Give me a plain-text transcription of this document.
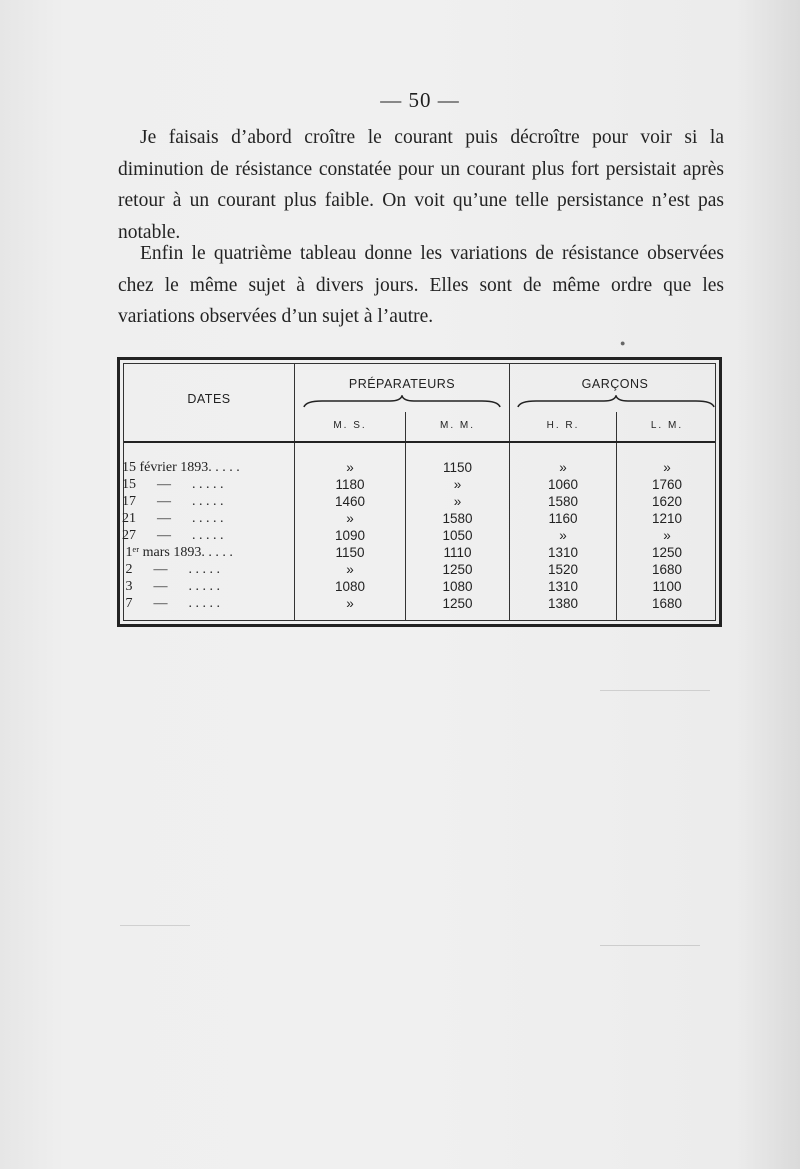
— 50 —
Je faisais d’abord croître le courant puis décroître pour voir si la diminution de résistance constatée pour un courant plus fort persistait après retour à un courant plus faible. On voit qu’une telle persistance n’est pas notable.
Enfin le quatrième tableau donne les variations de résistance observées chez le même sujet à divers jours. Elles sont de même ordre que les variations observées d’un sujet à l’autre.
●
DATES
PRÉPARATEURS	GARÇONS
M. S.	M. M.	H. R.	L. M.
15 février 1893. . . . .	»	1150	»	»
15      —      . . . . .	1180	»	1060	1760
17      —      . . . . .	1460	»	1580	1620
21      —      . . . . .	»	1580	1160	1210
27      —      . . . . .	1090	1050	»	»
1ᵉʳ mars 1893. . . . .	1150	1110	1310	1250
2      —      . . . . .	»	1250	1520	1680
3      —      . . . . .	1080	1080	1310	1100
7      —      . . . . .	»	1250	1380	1680
